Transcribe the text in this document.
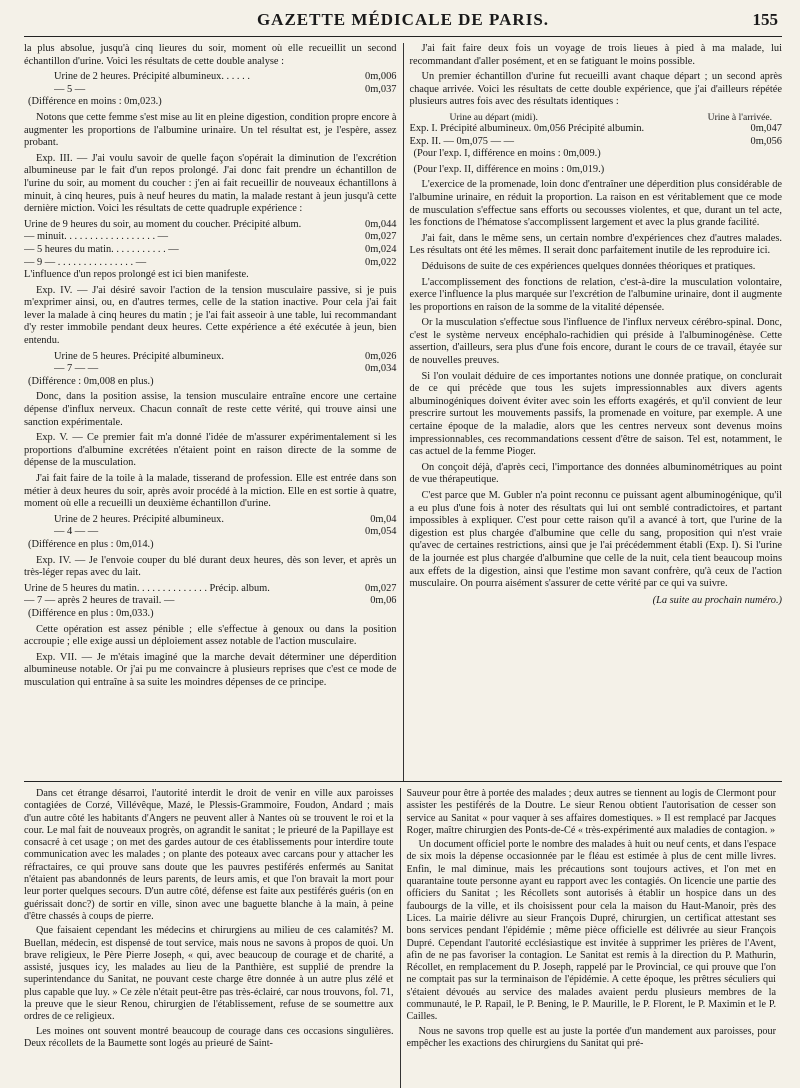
GAZETTE MÉDICALE DE PARIS.	155

la plus absolue, jusqu'à cinq lieures du soir, moment où elle recueillit un second échantillon d'urine. Voici les résultats de cette double analyse :

Urine de 2 heures. Précipité albumineux. . . . . .	0m,006
— 5 —	0m,037
(Différence en moins : 0m,023.)

Notons que cette femme s'est mise au lit en pleine digestion, condition propre encore à augmenter les proportions de l'albumine urinaire. Un tel résultat est, je l'espère, assez probant.

Exp. III. — J'ai voulu savoir de quelle façon s'opérait la diminution de l'excrétion albumineuse par le fait d'un repos prolongé. J'ai donc fait prendre un échantillon de l'urine du soir, au moment du coucher : j'en ai fait recueillir de nouveaux échantillons à minuit, à cinq heures, puis à neuf heures du matin, la malade restant à jeun jusqu'à cette dernière miction. Voici les résultats de cette quadruple expérience :

Urine de 9 heures du soir, au moment du coucher. Précipité album.	0m,044
— minuit. . . . . . . . . . . . . . . . . . —	0m,027
— 5 heures du matin. . . . . . . . . . . —	0m,024
— 9 — . . . . . . . . . . . . . . . —	0m,022

L'influence d'un repos prolongé est ici bien manifeste.

Exp. IV. — J'ai désiré savoir l'action de la tension musculaire passive, si je puis m'exprimer ainsi, ou, en d'autres termes, celle de la station inactive. Pour cela j'ai fait lever la malade à cinq heures du matin ; je l'ai fait asseoir à une table, lui recommandant d'y rester immobile pendant deux heures. Cette expérience a été exécutée à jeun, bien entendu.

Urine de 5 heures. Précipité albumineux.	0m,026
— 7 — —	0m,034
(Différence : 0m,008 en plus.)

Donc, dans la position assise, la tension musculaire entraîne encore une certaine dépense d'influx nerveux. Chacun connaît de reste cette vérité, qui trouve ainsi une sanction expérimentale.

Exp. V. — Ce premier fait m'a donné l'idée de m'assurer expérimentalement si les proportions d'albumine excrétées n'étaient point en raison directe de la somme de dépense de la musculation.

J'ai fait faire de la toile à la malade, tisserand de profession. Elle est entrée dans son métier à deux heures du soir, après avoir procédé à la miction. Elle en est sortie à quatre, moment où elle a recueilli un deuxième échantillon d'urine.

Urine de 2 heures. Précipité albumineux.	0m,04
— 4 — —	0m,054
(Différence en plus : 0m,014.)

Exp. IV. — Je l'envoie couper du blé durant deux heures, dès son lever, et après un très-léger repas avec du lait.

Urine de 5 heures du matin. . . . . . . . . . . . . . Précip. album.	0m,027
— 7 — après 2 heures de travail. —	0m,06
(Différence en plus : 0m,033.)

Cette opération est assez pénible ; elle s'effectue à genoux ou dans la position accroupie ; elle exige aussi un déploiement assez notable de l'action musculaire.

Exp. VII. — Je m'étais imaginé que la marche devait déterminer une déperdition albumineuse notable. Or j'ai pu me convaincre à plusieurs reprises que c'est ce mode de musculation qui entraîne à sa suite les moindres dépenses de ce principe.

J'ai fait faire deux fois un voyage de trois lieues à pied à ma malade, lui recommandant d'aller posément, et en se fatiguant le moins possible.

Un premier échantillon d'urine fut recueilli avant chaque départ ; un second après chaque arrivée. Voici les résultats de cette double expérience, que j'ai d'ailleurs répétée plusieurs autres fois avec des résultats identiques :

Urine au départ (midi).	Urine à l'arrivée.
Exp. I. Précipité albumineux. 0m,056 Précipité albumin.	0m,047
Exp. II. — 0m,075 — —	0m,056
(Pour l'exp. I, différence en moins : 0m,009.)
(Pour l'exp. II, différence en moins : 0m,019.)

L'exercice de la promenade, loin donc d'entraîner une déperdition plus considérable de l'albumine urinaire, en réduit la proportion. La raison en est véritablement que ce mode de musculation s'effectue sans efforts ou secousses violentes, et que, durant un tel acte, les fonctions de l'hématose s'accomplissent largement et avec la plus grande facilité.

J'ai fait, dans le même sens, un certain nombre d'expériences chez d'autres malades. Les résultats ont été les mêmes. Il serait donc parfaitement inutile de les reproduire ici.

Déduisons de suite de ces expériences quelques données théoriques et pratiques.

L'accomplissement des fonctions de relation, c'est-à-dire la musculation volontaire, exerce l'influence la plus marquée sur l'excrétion de l'albumine urinaire, dont il augmente les proportions en raison de la somme de la vitalité dépensée.

Or la musculation s'effectue sous l'influence de l'influx nerveux cérébro-spinal. Donc, c'est le système nerveux encéphalo-rachidien qui préside à l'albuminogénèse. Cette assertion, d'ailleurs, sera plus d'une fois encore, durant le cours de ce travail, étayée sur de nouvelles preuves.

Si l'on voulait déduire de ces importantes notions une donnée pratique, on conclurait de ce qui précède que tous les sujets impressionnables aux divers agents albuminogéniques doivent éviter avec soin les efforts exagérés, et qu'il convient de leur prescrire surtout les mouvements passifs, la promenade en voiture, par exemple. A une certaine époque de la maladie, alors que les centres nerveux sont devenus moins impressionnables, ces recommandations cessent d'être de saison. Tel est, notamment, le cas actuel de la femme Pioger.

On conçoit déjà, d'après ceci, l'importance des données albuminométriques au point de vue thérapeutique.

C'est parce que M. Gubler n'a point reconnu ce puissant agent albuminogénique, qu'il a eu plus d'une fois à noter des résultats qui lui ont semblé contradictoires, et partant impossibles à expliquer. C'est pour cette raison qu'il a avancé à tort, que l'urine de la digestion est plus chargée d'albumine que celle du sang, proposition qui n'est vraie qu'avec de certaines restrictions, ainsi que je l'ai précédemment établi (Exp. I). Si l'urine de la journée est plus chargée d'albumine que celle de la nuit, cela tient beaucoup moins aux effets de la digestion, ainsi que l'estime mon savant confrère, qu'à ceux de l'action musculaire. On pourra aisément s'assurer de cette vérité par ce qui va suivre.

(La suite au prochain numéro.)

Dans cet étrange désarroi, l'autorité interdit le droit de venir en ville aux paroisses contagiées de Corzé, Villévêque, Mazé, le Plessis-Grammoire, Foudon, Andard ; mais d'un autre côté les habitants d'Angers ne peuvent aller à Nantes où se trouvent le roi et la cour. Le mal fait de nouveaux progrès, on agrandit le sanitat ; le prieuré de la Papillaye est consacré à cet usage ; on met des gardes autour de ces établissements pour interdire toute communication avec les malades ; on plante des poteaux avec carcans pour y attacher les réfractaires, ce qui prouve sans doute que les pauvres pestiférés enfermés au Sanitat n'étaient pas abandonnés de leurs parents, de leurs amis, et que l'on bravait la mort pour leur porter quelques secours. D'un autre côté, défense est faite aux pestiférés guéris (on en guérissait donc?) de sortir en ville, sinon avec une baguette blanche à la main, à peine d'être chassés à coups de pierre.

Que faisaient cependant les médecins et chirurgiens au milieu de ces calamités? M. Buellan, médecin, est dispensé de tout service, mais nous ne savons à propos de quoi. Un brave religieux, le Père Pierre Joseph, « qui, avec beaucoup de courage et de charité, a assisté, jusques icy, les malades au lieu de la Panthière, est supplié de prendre la superintendance du Sanitat, ne pouvant ceste charge être donnée à un autre plus zélé et plus capable que luy. » Ce zèle n'était peut-être pas très-éclairé, car nous trouvons, fol. 71, la preuve que le sieur Renou, chirurgien de l'établissement, refuse de se soumettre aux ordres de ce religieux.

Les moines ont souvent montré beaucoup de courage dans ces occasions singulières. Deux récollets de la Baumette sont logés au prieuré de Saint-

Sauveur pour être à portée des malades ; deux autres se tiennent au logis de Clermont pour assister les pestiférés de la Doutre. Le sieur Renou obtient l'autorisation de cesser son service au Sanitat « pour vaquer à ses affaires domestiques. » Il est remplacé par Jacques Roger, maître chirurgien des Ponts-de-Cé « très-expérimenté aux maladies de contagion. »

Un document officiel porte le nombre des malades à huit ou neuf cents, et dans l'espace de six mois la dépense occasionnée par le fléau est estimée à plus de cent mille livres. Enfin, le mal diminue, mais les précautions sont toujours actives, et l'on met en quarantaine toute personne ayant eu rapport avec les contagiés. On licencie une partie des officiers du Sanitat ; les Récollets sont autorisés à établir un hospice dans un des faubourgs de la ville, et ils choisissent pour cela la maison du Haut-Manoir, près des Lices. La mairie délivre au sieur François Dupré, chirurgien, un certificat attestant ses bons services pendant l'épidémie ; même pièce officielle est délivrée au sieur François Dupré. Cependant l'autorité ecclésiastique est invitée à supprimer les prières de l'Avent, afin de ne pas favoriser la contagion. Le Sanitat est remis à la direction du P. Mathurin, Récollet, en remplacement du P. Joseph, rappelé par le Provincial, ce qui prouve que l'on ne comptait pas sur la terminaison de l'épidémie. A cette époque, les prêtres séculiers qui s'étaient dévoués au service des malades avaient perdu plusieurs membres de la communauté, le P. Rapail, le P. Bening, le P. Maurille, le P. Florent, le P. Maximin et le P. Cailles.

Nous ne savons trop quelle est au juste la portée d'un mandement aux paroisses, pour empêcher les exactions des chirurgiens du Sanitat qui pré-
